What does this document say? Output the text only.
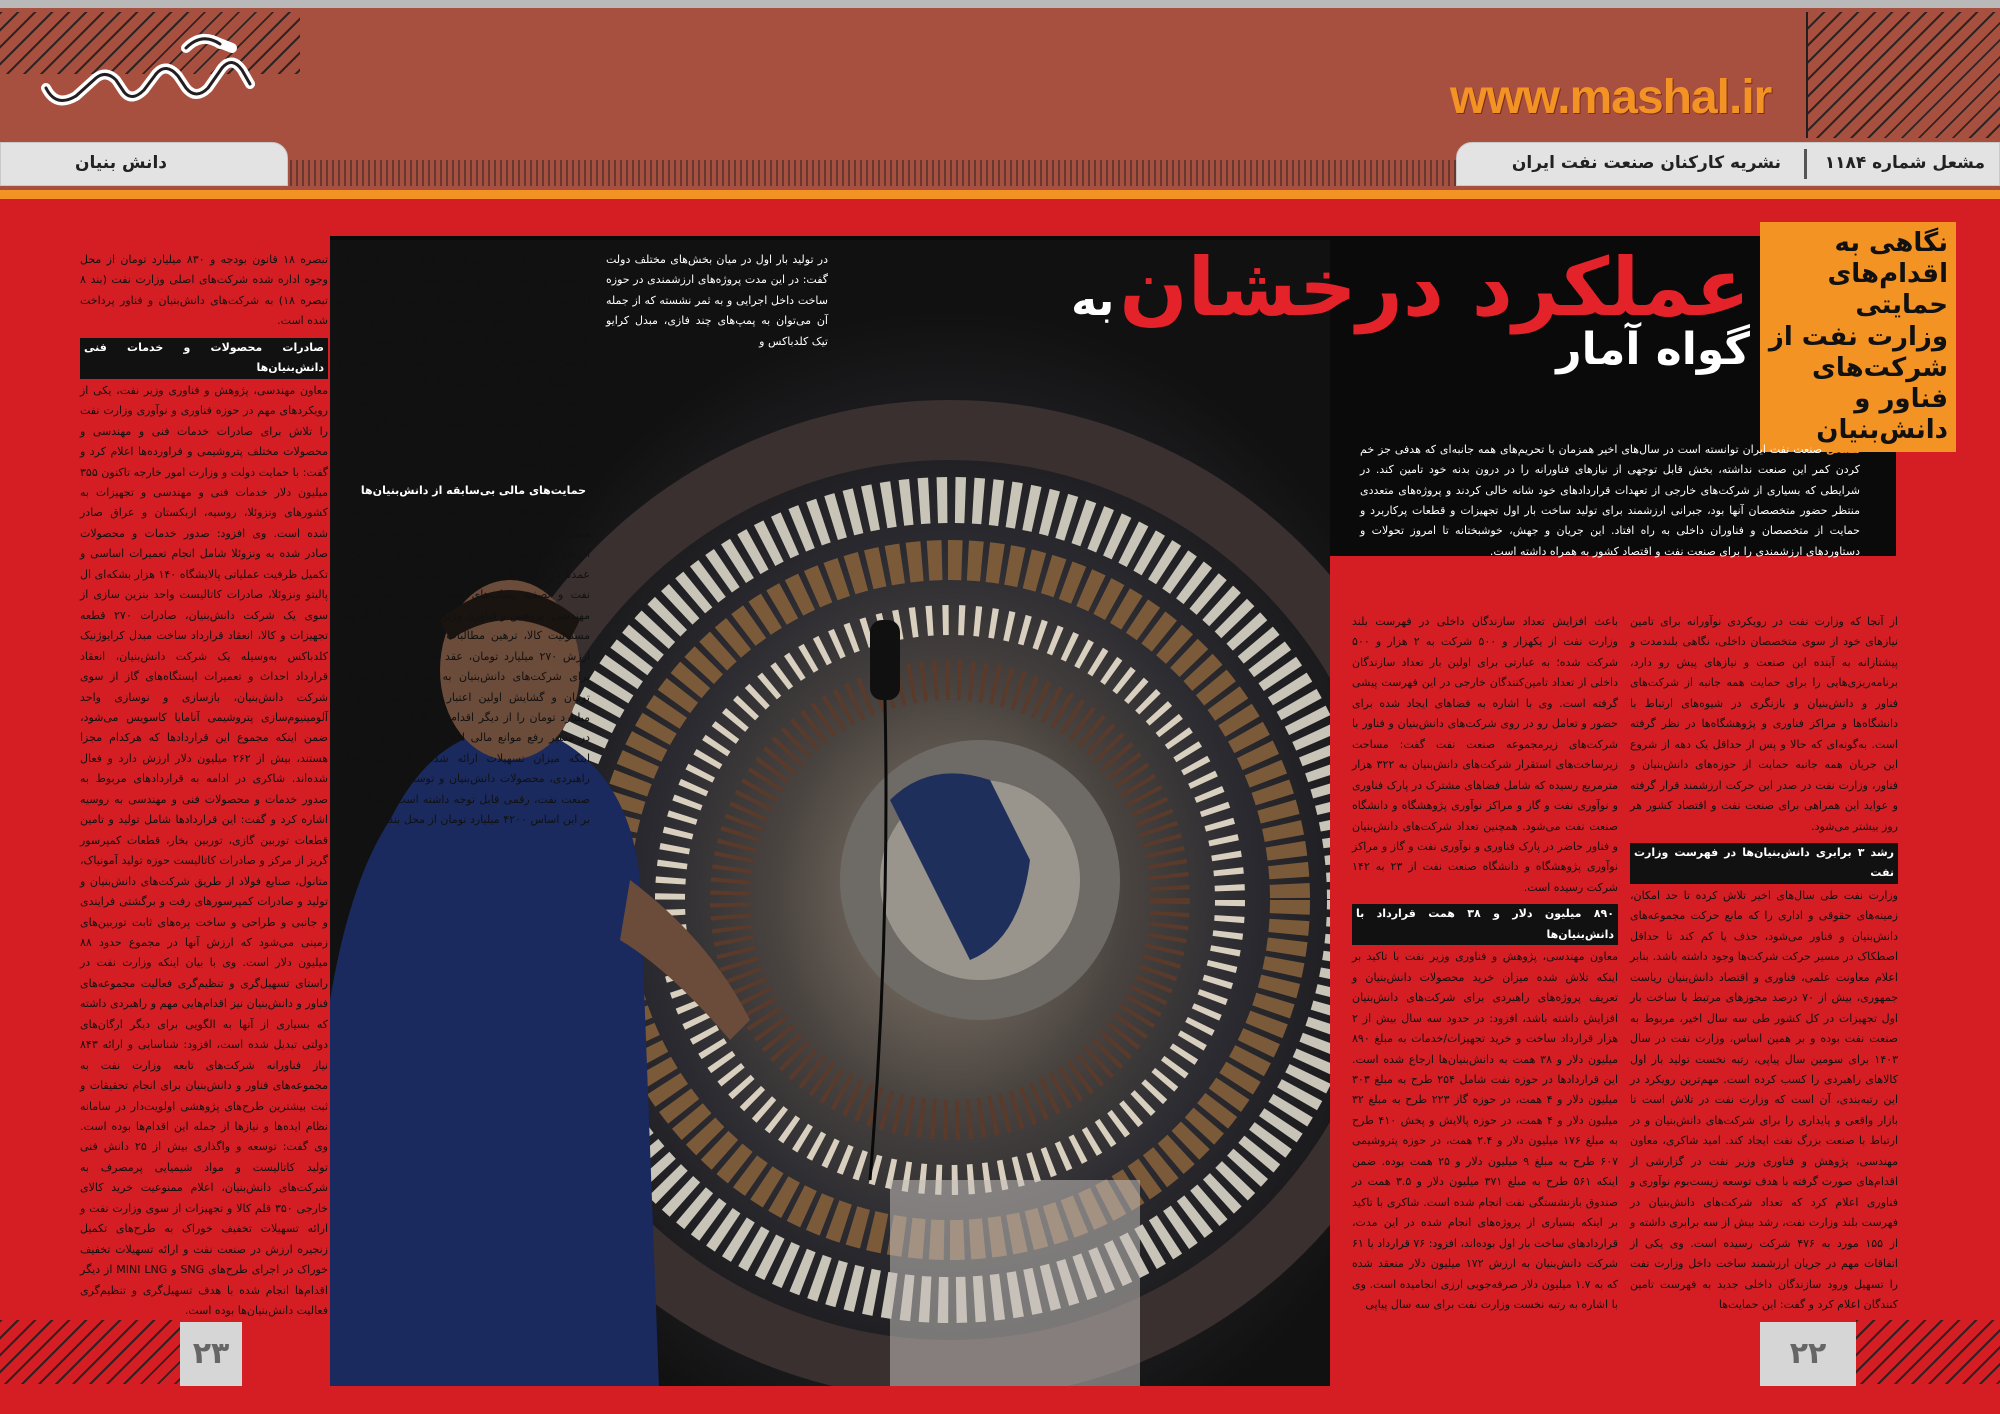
www.mashal.ir
دانش بنیان	مشعل شماره ۱۱۸۴
نشریه کارکنان صنعت نفت ایران
عملکرد درخشان به گواه آمار
نگاهی به اقدام‌های حمایتی وزارت نفت از شرکت‌های فناور و دانش‌بنیان
مشعل صنعت نفت ایران توانسته است در سال‌های اخیر همزمان با تحریم‌های همه جانبه‌ای که هدفی جز خم کردن کمر این صنعت نداشته، بخش قابل توجهی از نیازهای فناورانه را در درون بدنه خود تامین کند. در شرایطی که بسیاری از شرکت‌های خارجی از تعهدات قراردادهای خود شانه خالی کردند و پروژه‌های متعددی منتظر حضور متخصصان آنها بود، جبرانی ارزشمند برای تولید ساخت بار اول تجهیزات و قطعات پرکاربرد و حمایت از متخصصان و فناوران داخلی به راه افتاد. این جریان و جهش، خوشبختانه تا امروز تحولات و دستاوردهای ارزشمندی را برای صنعت نفت و اقتصاد کشور به همراه داشته است.
از آنجا که وزارت نفت در رویکردی نوآورانه برای تامین نیازهای خود از سوی متخصصان داخلی، نگاهی بلندمدت و پیشتازانه به آینده این صنعت و نیازهای پیش رو دارد، برنامه‌ریزی‌هایی را برای حمایت همه جانبه از شرکت‌های فناور و دانش‌بنیان و بازنگری در شیوه‌های ارتباط با دانشگاه‌ها و مراکز فناوری و پژوهشگاه‌ها در نظر گرفته است. به‌گونه‌ای که حالا و پس از حداقل یک دهه از شروع این جریان همه جانبه حمایت از حوزه‌های دانش‌بنیان و فناور، وزارت نفت در صدر این حرکت ارزشمند قرار گرفته و عواید این همراهی برای صنعت نفت و اقتصاد کشور هر روز بیشتر می‌شود.
رشد ۳ برابری دانش‌بنیان‌ها در فهرست وزارت نفت
وزارت نفت طی سال‌های اخیر تلاش کرده تا حد امکان، زمینه‌های حقوقی و اداری را که مانع حرکت مجموعه‌های دانش‌بنیان و فناور می‌شود، حذف یا کم کند تا حداقل اصطکاک در مسیر حرکت شرکت‌ها وجود داشته باشد. بنابر اعلام معاونت علمی، فناوری و اقتصاد دانش‌بنیان ریاست جمهوری، بیش از ۷۰ درصد مجوزهای مرتبط با ساخت بار اول تجهیزات در کل کشور طی سه سال اخیر، مربوط به صنعت نفت بوده و بر همین اساس، وزارت نفت در سال ۱۴۰۳ برای سومین سال پیاپی، رتبه نخست تولید بار اول کالاهای راهبردی را کسب کرده است. مهم‌ترین رویکرد در این رتبه‌بندی، آن است که وزارت نفت در تلاش است تا بازار واقعی و پایداری را برای شرکت‌های دانش‌بنیان و در ارتباط با صنعت بزرگ نفت ایجاد کند. امید شاکری، معاون مهندسی، پژوهش و فناوری وزیر نفت در گزارشی از اقدام‌های صورت گرفته با هدف توسعه زیست‌بوم نوآوری و فناوری اعلام کرد که تعداد شرکت‌های دانش‌بنیان در فهرست بلند وزارت نفت، رشد بیش از سه برابری داشته و از ۱۵۵ مورد به ۴۷۶ شرکت رسیده است. وی یکی از اتفاقات مهم در جریان ارزشمند ساخت داخل وزارت نفت را تسهیل ورود سازندگان داخلی جدید به فهرست تامین کنندگان اعلام کرد و گفت: این حمایت‌ها
باعث افزایش تعداد سازندگان داخلی در فهرست بلند وزارت نفت از یکهزار و ۵۰۰ شرکت به ۲ هزار و ۵۰۰ شرکت شده؛ به عبارتی برای اولین بار تعداد سازندگان داخلی از تعداد تامین‌کنندگان خارجی در این فهرست پیشی گرفته است. وی با اشاره به فضاهای ایجاد شده برای حضور و تعامل رو در روی شرکت‌های دانش‌بنیان و فناور با شرکت‌های زیرمجموعه صنعت نفت گفت: مساحت زیرساخت‌های استقرار شرکت‌های دانش‌بنیان به ۳۲۲ هزار مترمربع رسیده که شامل فضاهای مشترک در پارک فناوری و نوآوری نفت و گاز و مراکز نوآوری پژوهشگاه و دانشگاه صنعت نفت می‌شود. همچنین تعداد شرکت‌های دانش‌بنیان و فناور حاضر در پارک فناوری و نوآوری نفت و گاز و مراکز نوآوری پژوهشگاه و دانشگاه صنعت نفت از ۲۳ به ۱۴۲ شرکت رسیده است.
۸۹۰ میلیون دلار و ۳۸ همت قرارداد با دانش‌بنیان‌ها
معاون مهندسی، پژوهش و فناوری وزیر نفت با تاکید بر اینکه تلاش شده میزان خرید محصولات دانش‌بنیان و تعریف پروژه‌های راهبردی برای شرکت‌های دانش‌بنیان افزایش داشته باشد، افزود: در حدود سه سال بیش از ۲ هزار قرارداد ساخت و خرید تجهیزات/خدمات به مبلغ ۸۹۰ میلیون دلار و ۳۸ همت به دانش‌بنیان‌ها ارجاع شده است. این قراردادها در حوزه نفت شامل ۲۵۴ طرح به مبلغ ۳۰۳ میلیون دلار و ۴ همت، در حوزه گاز ۲۲۳ طرح به مبلغ ۳۲ میلیون دلار و ۴ همت، در حوزه پالایش و پخش ۴۱۰ طرح به مبلغ ۱۷۶ میلیون دلار و ۲.۴ همت، در حوزه پتروشیمی ۶۰۷ طرح به مبلغ ۹ میلیون دلار و ۲۵ همت بوده. ضمن اینکه ۵۶۱ طرح به مبلغ ۳۷۱ میلیون دلار و ۳.۵ همت در صندوق بازنشستگی نفت انجام شده است. شاکری با تاکید بر اینکه بسیاری از پروژه‌های انجام شده در این مدت، قراردادهای ساخت بار اول بوده‌اند، افزود: ۷۶ قرارداد با ۶۱ شرکت دانش‌بنیان به ارزش ۱۷۲ میلیون دلار منعقد شده که به ۱.۷ میلیون دلار صرفه‌جویی ارزی انجامیده است. وی با اشاره به رتبه نخست وزارت نفت برای سه سال پیاپی
در تولید بار اول در میان بخش‌های مختلف دولت گفت: در این مدت پروژه‌های ارزشمندی در حوزه ساخت داخل اجرایی و به ثمر نشسته که از جمله آن می‌توان به پمپ‌های چند فازی، مبدل کرایو تیک کلدباکس و
توربواکسپندر ۳.۵ مگاواتی اشاره کرد. معاون مهندسی، پژوهش و فناوری وزیر نفت همچنین به برخی از اقدام‌های وزارت نفت در حوزه تامین مالی و رفع چالش‌های شرکت‌های دانش‌بنیان اشاره کرد و گفت: افزایش سرمایه صندوق پژوهش و فناوری صنعت نفت به میزان ۷۵۰ میلیارد تومان، ارائه بیش از ۱۰ هزار و ۳۵۰ میلیارد تومان ضمانت‌نامه قراردادی به ۱۴۰ شرکت، ارائه ۸۳۰ میلیارد تومان تسهیلات دریافتی به ۳۶ شرکت و عقد ۲ قرارداد خرید تضمینی به ارزش بالغ بر ۳.۳ میلیون یورو برای تولید مته‌های PDC و پمپ‌های ESP از جمله این اتفاقات خوب بوده است.
حمایت‌های مالی بی‌سابقه از دانش‌بنیان‌ها
وی در ادامه افزود: وزارت نفت در بخش‌های مختلف، مسیر سرمایه‌گذاری خطرپذیر را در هفت طرح به ارزش ۲۵۰ میلیارد تومان باز گذاشته و این طرح‌ها عمدتا در حوزه کاربرد هوش مصنوعی در ایمنی صنعت نفت و تصفیه پساب‌های صنعتی بوده است. معاون مهندسی، پژوهش و فناوری وزیر نفت عقد قرارداد بیمه مسئولیت کالا، ترهین مطالبات قرارداد ۲۴ شرکت به ارزش ۲۷۰ میلیارد تومان، عقد قرارداد اعتبار اسنادی برای شرکت‌های دانش‌بنیان به مبلغ ۵ هزار میلیارد تومان و گشایش اولین اعتبار اسنادی به ارزش ۲۴ میلیارد تومان را از دیگر اقدام‌های اثرگذار وزارت نفت در مسیر رفع موانع مالی اعلام کرد. شاکری با اعلام اینکه میزان تسهیلات ارائه شده برای تولید اقلام راهبردی، محصولات دانش‌بنیان و توسعه زنجیره ارزش صنعت نفت، رقمی قابل توجه داشته است، اظهار کرد: بر این اساس ۴۲۰۰ میلیارد تومان از محل بند(الف)
تبصره ۱۸ قانون بودجه و ۸۳۰ میلیارد تومان از محل وجوه اداره شده شرکت‌های اصلی وزارت نفت (بند ۸ تبصره ۱۸) به شرکت‌های دانش‌بنیان و فناور پرداخت شده است.
صادرات محصولات و خدمات فنی دانش‌بنیان‌ها
معاون مهندسی، پژوهش و فناوری وزیر نفت، یکی از رویکردهای مهم در حوزه فناوری و نوآوری وزارت نفت را تلاش برای صادرات خدمات فنی و مهندسی و محصولات مختلف پتروشیمی و فراورده‌ها اعلام کرد و گفت: با حمایت دولت و وزارت امور خارجه تاکنون ۳۵۵ میلیون دلار خدمات فنی و مهندسی و تجهیزات به کشورهای ونزوئلا، روسیه، ازبکستان و عراق صادر شده است. وی افزود: صدور خدمات و محصولات صادر شده به ونزوئلا شامل انجام تعمیرات اساسی و تکمیل ظرفیت عملیاتی پالایشگاه ۱۴۰ هزار بشکه‌ای ال پالیتو ونزوئلا، صادرات کاتالیست واحد بنزین سازی از سوی یک شرکت دانش‌بنیان، صادرات ۲۷۰ قطعه تجهیزات و کالا، انعقاد قرارداد ساخت مبدل کرایوژنیک کلدباکس به‌وسیله یک شرکت دانش‌بنیان، انعقاد قرارداد احداث و تعمیرات ایستگاه‌های گاز از سوی شرکت دانش‌بنیان، بازسازی و نوسازی واحد آلومینیوم‌سازی پتروشیمی آنامایا کاسویس می‌شود، ضمن اینکه مجموع این قراردادها که هرکدام مجزا هستند، بیش از ۲۶۲ میلیون دلار ارزش دارد و فعال شده‌اند. شاکری در ادامه به قراردادهای مربوط به صدور خدمات و محصولات فنی و مهندسی به روسیه اشاره کرد و گفت: این قراردادها شامل تولید و تامین قطعات توربین گازی، توربین بخار، قطعات کمپرسور گریز از مرکز و صادرات کاتالیست حوزه تولید آمونیاک، متانول، صنایع فولاد از طریق شرکت‌های دانش‌بنیان و تولید و صادرات کمپرسورهای رفت و برگشتی فرایندی و جانبی و طراحی و ساخت پره‌های ثابت توربین‌های زمینی می‌شود که ارزش آنها در مجموع حدود ۸۸ میلیون دلار است. وی با بیان اینکه وزارت نفت در راستای تسهیل‌گری و تنظیم‌گری فعالیت مجموعه‌های فناور و دانش‌بنیان نیز اقدام‌هایی مهم و راهبردی داشته که بسیاری از آنها به الگویی برای دیگر ارگان‌های دولتی تبدیل شده است، افزود: شناسایی و ارائه ۸۴۳ نیاز فناورانه شرکت‌های تابعه وزارت نفت به مجموعه‌های فناور و دانش‌بنیان برای انجام تحقیقات و ثبت بیشترین طرح‌های پژوهشی اولویت‌دار در سامانه نظام ایده‌ها و نیازها از جمله این اقدام‌ها بوده است. وی گفت: توسعه و واگذاری بیش از ۲۵ دانش فنی تولید کاتالیست و مواد شیمیایی پرمصرف به شرکت‌های دانش‌بنیان، اعلام ممنوعیت خرید کالای خارجی ۳۵۰ قلم کالا و تجهیزات از سوی وزارت نفت و ارائه تسهیلات تخفیف خوراک به طرح‌های تکمیل زنجیره ارزش در صنعت نفت و ارائه تسهیلات تخفیف خوراک در اجرای طرح‌های SNG و MINI LNG از دیگر اقدام‌ها انجام شده با هدف تسهیل‌گری و تنظیم‌گری فعالیت دانش‌بنیان‌ها بوده است.
۲۳	۲۲
